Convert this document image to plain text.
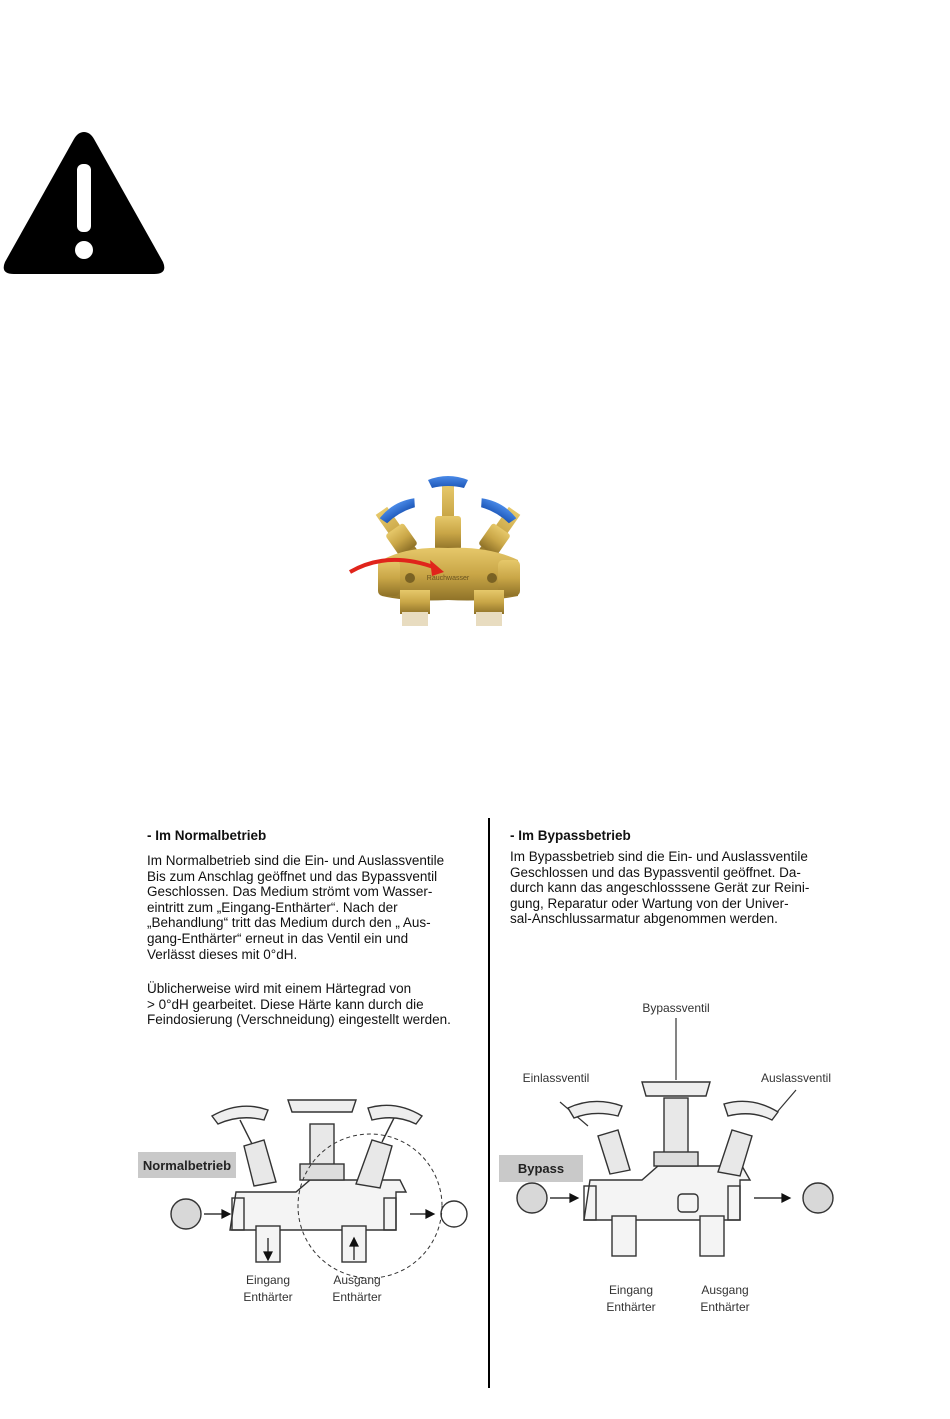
Rauchwasser
- Im Normalbetrieb
Im Normalbetrieb sind die Ein- und Auslassventile
Bis zum Anschlag geöffnet und das Bypassventil
Geschlossen. Das Medium strömt vom Wasser-
eintritt zum „Eingang-Enthärter“. Nach der
„Behandlung“ tritt das Medium durch den „ Aus-
gang-Enthärter“ erneut in das Ventil ein und
Verlässt dieses mit 0°dH.
Üblicherweise wird mit einem Härtegrad von
> 0°dH gearbeitet. Diese Härte kann durch die
Feindosierung (Verschneidung) eingestellt werden.
- Im Bypassbetrieb
Im Bypassbetrieb sind die Ein- und Auslassventile
Geschlossen und das Bypassventil geöffnet. Da-
durch kann das angeschlosssene Gerät zur Reini-
gung, Reparatur oder Wartung von der Univer-
sal-Anschlussarmatur abgenommen werden.
Normalbetrieb
Eingang
Enthärter
Ausgang
Enthärter
Bypassventil
Einlassventil	Auslassventil
Bypass
Eingang
Enthärter
Ausgang
Enthärter
